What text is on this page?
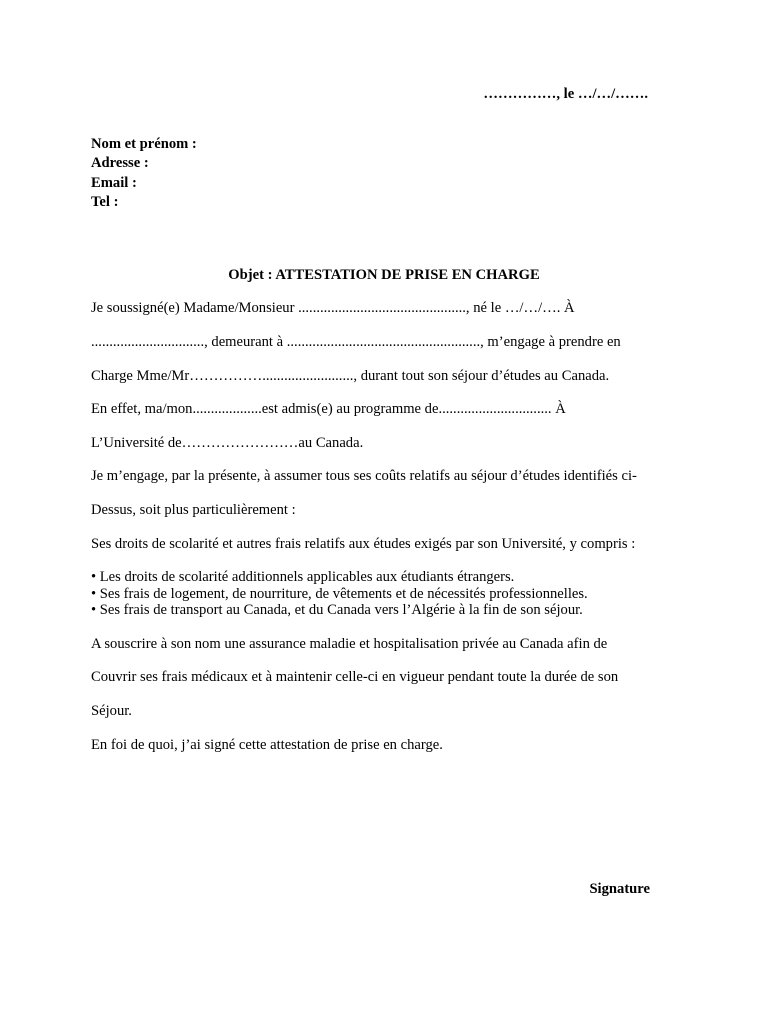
……………, le …/…/…….
Nom et prénom :
Adresse :
Email :
Tel :
Objet : ATTESTATION DE PRISE EN CHARGE
Je soussigné(e) Madame/Monsieur .............................................., né le …/…/…. À
..............................., demeurant à ....................................................., m’engage à prendre en
Charge Mme/Mr……………........................., durant tout son séjour d’études au Canada.
En effet, ma/mon...................est admis(e) au programme de............................... À
L’Université de……………………au Canada.
Je m’engage, par la présente, à assumer tous ses coûts relatifs au séjour d’études identifiés ci-
Dessus, soit plus particulièrement :
Ses droits de scolarité et autres frais relatifs aux études exigés par son Université, y compris :
• Les droits de scolarité additionnels applicables aux étudiants étrangers.
• Ses frais de logement, de nourriture, de vêtements et de nécessités professionnelles.
• Ses frais de transport au Canada, et du Canada vers l’Algérie à la fin de son séjour.
A souscrire à son nom une assurance maladie et hospitalisation privée au Canada afin de
Couvrir ses frais médicaux et à maintenir celle-ci en vigueur pendant toute la durée de son
Séjour.
En foi de quoi, j’ai signé cette attestation de prise en charge.
Signature
